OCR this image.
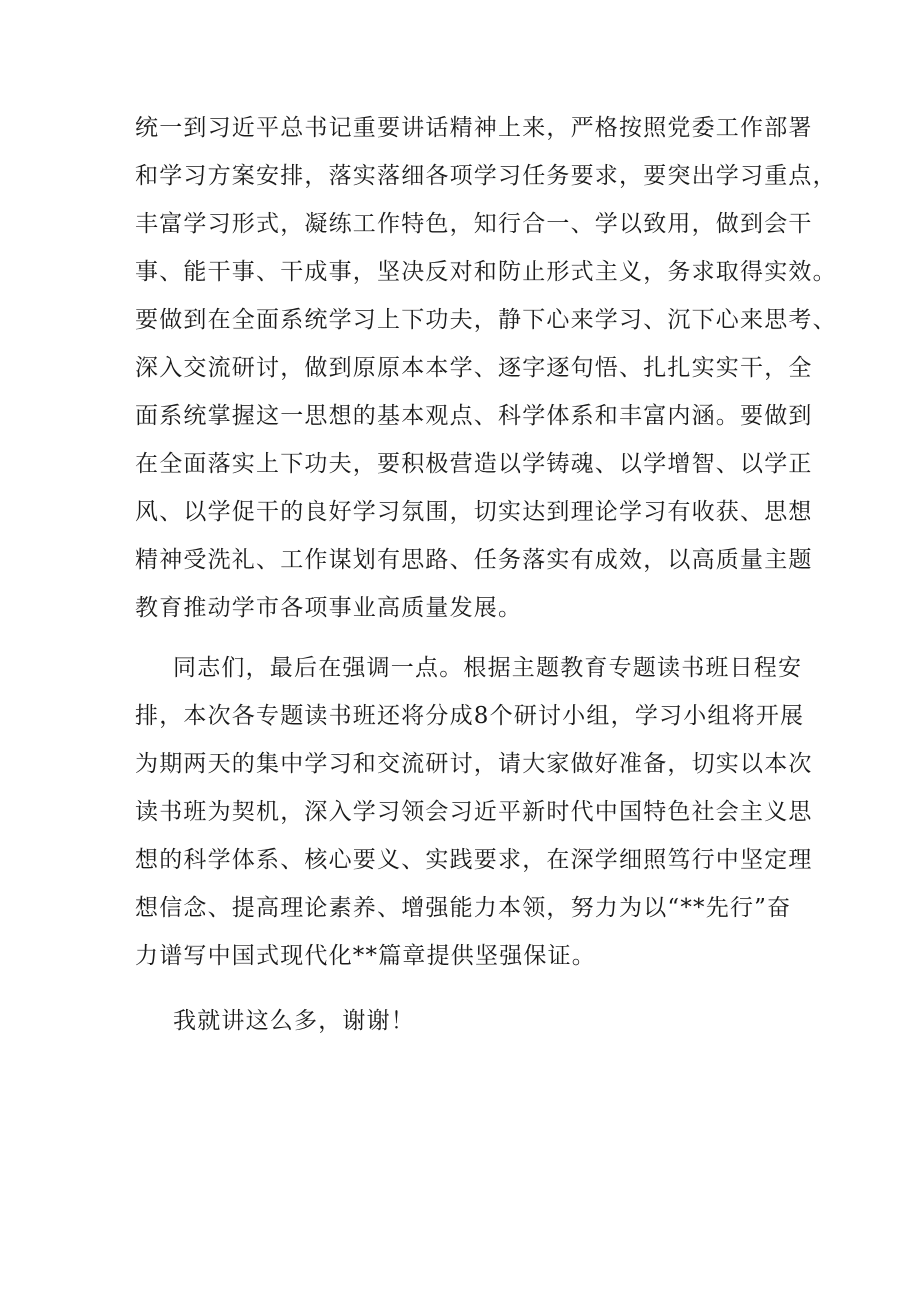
统一到习近平总书记重要讲话精神上来，严格按照党委工作部署
和学习方案安排，落实落细各项学习任务要求，要突出学习重点，
丰富学习形式，凝练工作特色，知行合一、学以致用，做到会干
事、能干事、干成事，坚决反对和防止形式主义，务求取得实效。
要做到在全面系统学习上下功夫，静下心来学习、沉下心来思考、
深入交流研讨，做到原原本本学、逐字逐句悟、扎扎实实干，全
面系统掌握这一思想的基本观点、科学体系和丰富内涵。要做到
在全面落实上下功夫，要积极营造以学铸魂、以学增智、以学正
风、以学促干的良好学习氛围，切实达到理论学习有收获、思想
精神受洗礼、工作谋划有思路、任务落实有成效，以高质量主题
教育推动学市各项事业高质量发展。
同志们，最后在强调一点。根据主题教育专题读书班日程安
排，本次各专题读书班还将分成8个研讨小组，学习小组将开展
为期两天的集中学习和交流研讨，请大家做好准备，切实以本次
读书班为契机，深入学习领会习近平新时代中国特色社会主义思
想的科学体系、核心要义、实践要求，在深学细照笃行中坚定理
想信念、提高理论素养、增强能力本领，努力为以“**先行”奋
力谱写中国式现代化**篇章提供坚强保证。
我就讲这么多，谢谢！
